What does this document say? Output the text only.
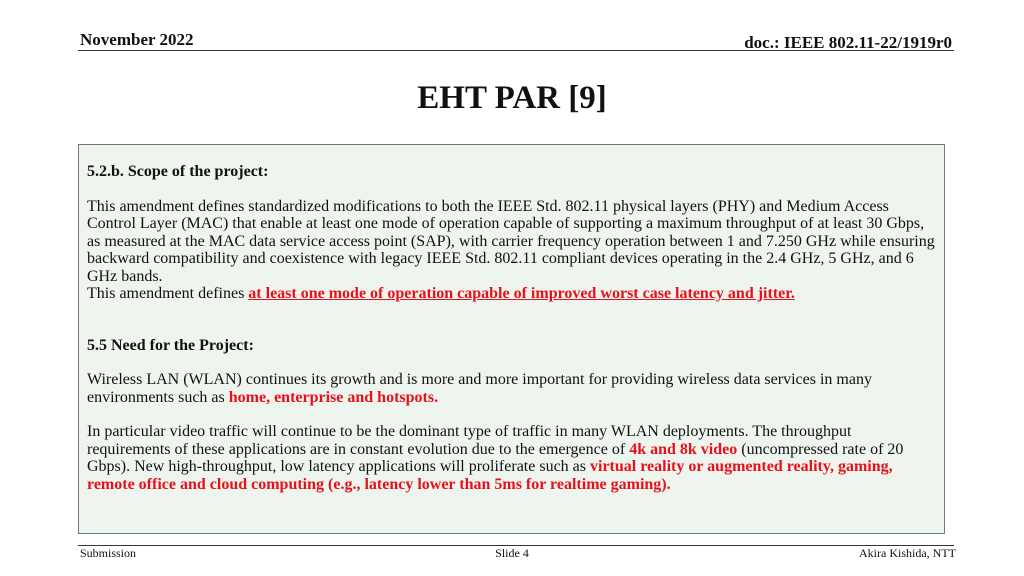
November 2022	doc.: IEEE 802.11-22/1919r0
EHT PAR [9]

5.2.b. Scope of the project:

This amendment defines standardized modifications to both the IEEE Std. 802.11 physical layers (PHY) and Medium Access Control Layer (MAC) that enable at least one mode of operation capable of supporting a maximum throughput of at least 30 Gbps, as measured at the MAC data service access point (SAP), with carrier frequency operation between 1 and 7.250 GHz while ensuring backward compatibility and coexistence with legacy IEEE Std. 802.11 compliant devices operating in the 2.4 GHz, 5 GHz, and 6 GHz bands.

This amendment defines at least one mode of operation capable of improved worst case latency and jitter.

5.5 Need for the Project:

Wireless LAN (WLAN) continues its growth and is more and more important for providing wireless data services in many environments such as home, enterprise and hotspots.

In particular video traffic will continue to be the dominant type of traffic in many WLAN deployments. The throughput requirements of these applications are in constant evolution due to the emergence of 4k and 8k video (uncompressed rate of 20 Gbps). New high-throughput, low latency applications will proliferate such as virtual reality or augmented reality, gaming, remote office and cloud computing (e.g., latency lower than 5ms for realtime gaming).

Submission	Slide 4	Akira Kishida, NTT
